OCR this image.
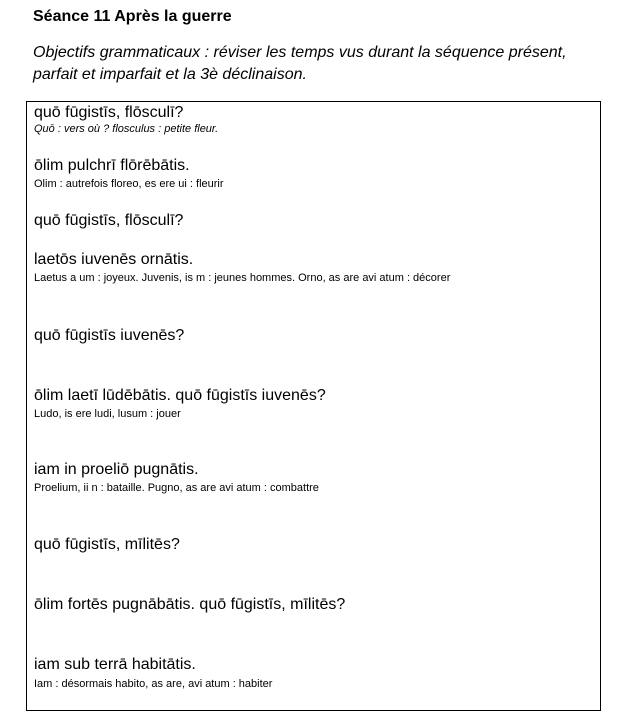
Séance 11 Après la guerre
Objectifs grammaticaux : réviser les temps vus durant la séquence présent, parfait et imparfait et la 3è déclinaison.
quō fūgistīs, flōsculī?
Quō : vers où ? flosculus : petite fleur.
ōlim pulchrī flōrēbātis.
Olim : autrefois floreo, es ere ui : fleurir
quō fūgistīs, flōsculī?
laetōs iuvenēs ornātis.
Laetus a um : joyeux. Juvenis, is m : jeunes hommes. Orno, as are avi atum : décorer
quō fūgistīs iuvenēs?
ōlim laetī lūdēbātis. quō fūgistīs iuvenēs?
Ludo, is ere ludi, lusum : jouer
iam in proeliō pugnātis.
Proelium, ii n : bataille. Pugno, as are avi atum : combattre
quō fūgistīs, mīlitēs?
ōlim fortēs pugnābātis. quō fūgistīs, mīlitēs?
iam sub terrā habitātis.
Iam : désormais habito, as are, avi atum : habiter
